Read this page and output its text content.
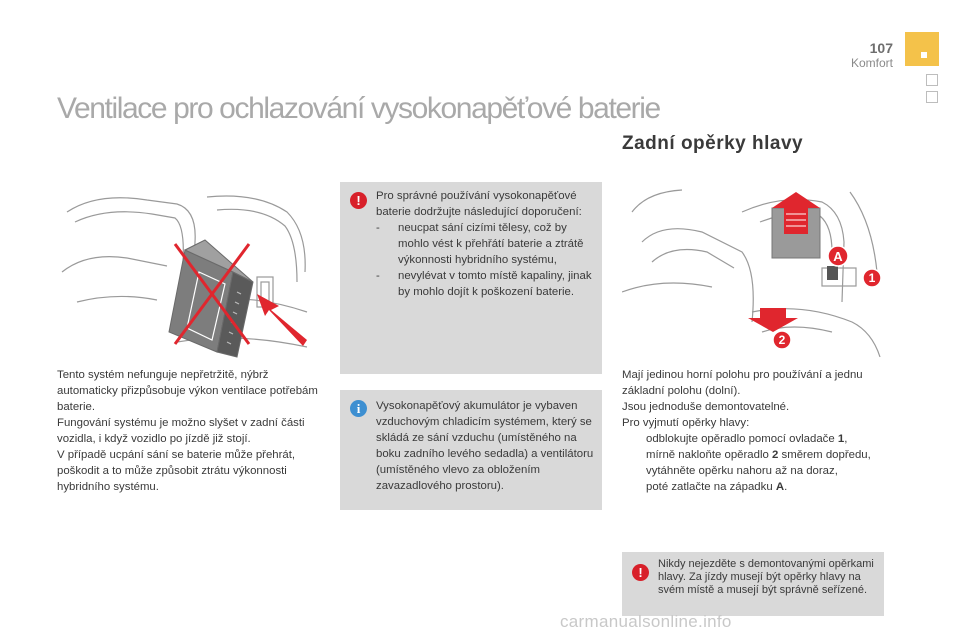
107
Komfort
Ventilace pro ochlazování vysokonapěťové baterie
Zadní opěrky hlavy
A
1
2

Tento systém nefunguje nepřetržitě, nýbrž automaticky přizpůsobuje výkon ventilace potřebám baterie.

Fungování systému je možno slyšet v zadní části vozidla, i když vozidlo po jízdě již stojí.

V případě ucpání sání se baterie může přehrát, poškodit a to může způsobit ztrátu výkonnosti hybridního systému.

!	Pro správné používání vysokonapěťové baterie dodržujte následující doporučení:

- neucpat sání cizími tělesy, což by mohlo vést k přehřátí baterie a ztrátě výkonnosti hybridního systému,
- nevylévat v tomto místě kapaliny, jinak by mohlo dojít k poškození baterie.
i	Vysokonapěťový akumulátor je vybaven vzduchovým chladicím systémem, který se skládá ze sání vzduchu (umístěného na boku zadního levého sedadla) a ventilátoru (umístěného vlevo za obložením zavazadlového prostoru).

Mají jedinou horní polohu pro používání a jednu základní polohu (dolní).

Jsou jednoduše demontovatelné.

Pro vyjmutí opěrky hlavy:

odblokujte opěradlo pomocí ovladače 1,
mírně nakloňte opěradlo 2 směrem dopředu,
vytáhněte opěrku nahoru až na doraz,
poté zatlačte na západku A.
!
Nikdy nejezděte s demontovanými opěrkami hlavy. Za jízdy musejí být opěrky hlavy na svém místě a musejí být správně seřízené.
carmanualsonline.info
